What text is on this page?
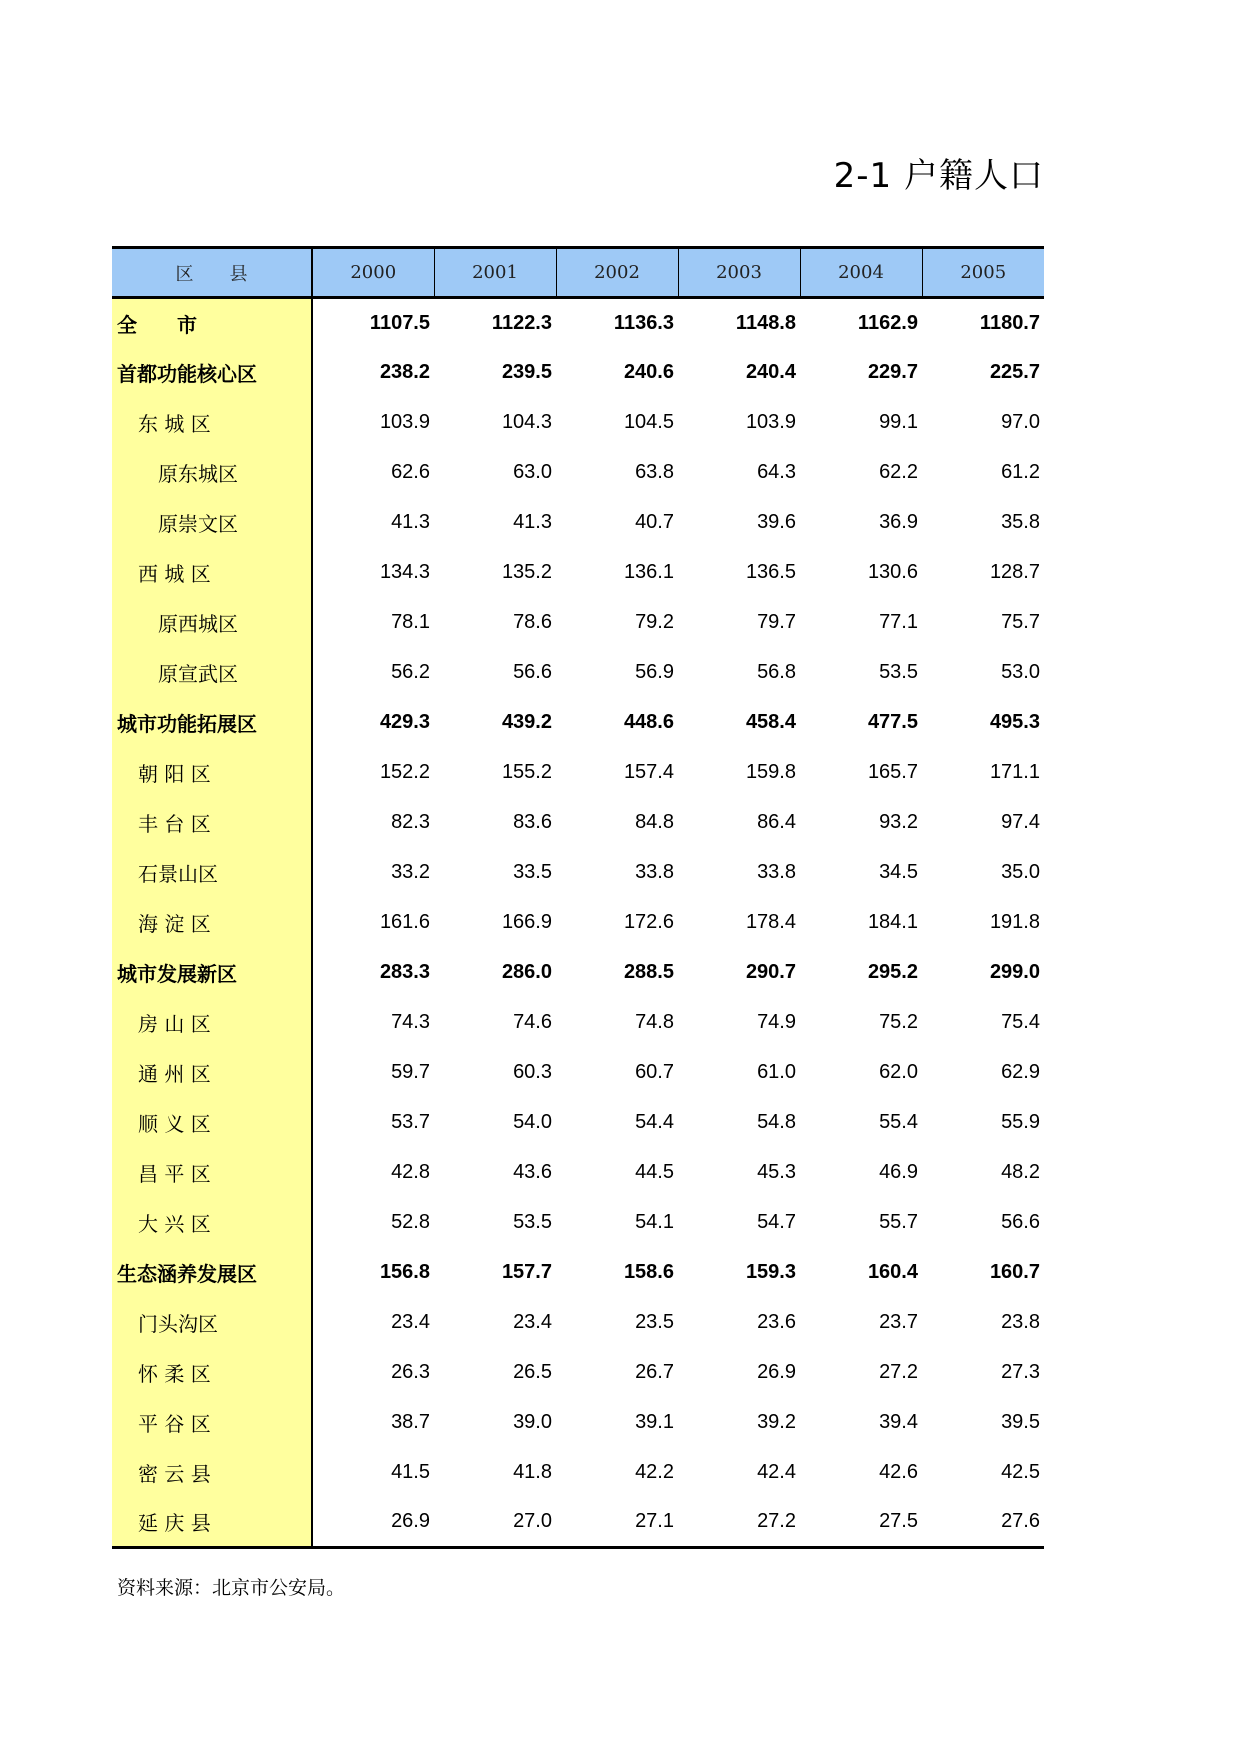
2-1 户籍人口
区　　县	2000	2001	2002	2003	2004	2005
全　　市	1107.5	1122.3	1136.3	1148.8	1162.9	1180.7
首都功能核心区	238.2	239.5	240.6	240.4	229.7	225.7
东 城 区	103.9	104.3	104.5	103.9	99.1	97.0
原东城区	62.6	63.0	63.8	64.3	62.2	61.2
原崇文区	41.3	41.3	40.7	39.6	36.9	35.8
西 城 区	134.3	135.2	136.1	136.5	130.6	128.7
原西城区	78.1	78.6	79.2	79.7	77.1	75.7
原宣武区	56.2	56.6	56.9	56.8	53.5	53.0
城市功能拓展区	429.3	439.2	448.6	458.4	477.5	495.3
朝 阳 区	152.2	155.2	157.4	159.8	165.7	171.1
丰 台 区	82.3	83.6	84.8	86.4	93.2	97.4
石景山区	33.2	33.5	33.8	33.8	34.5	35.0
海 淀 区	161.6	166.9	172.6	178.4	184.1	191.8
城市发展新区	283.3	286.0	288.5	290.7	295.2	299.0
房 山 区	74.3	74.6	74.8	74.9	75.2	75.4
通 州 区	59.7	60.3	60.7	61.0	62.0	62.9
顺 义 区	53.7	54.0	54.4	54.8	55.4	55.9
昌 平 区	42.8	43.6	44.5	45.3	46.9	48.2
大 兴 区	52.8	53.5	54.1	54.7	55.7	56.6
生态涵养发展区	156.8	157.7	158.6	159.3	160.4	160.7
门头沟区	23.4	23.4	23.5	23.6	23.7	23.8
怀 柔 区	26.3	26.5	26.7	26.9	27.2	27.3
平 谷 区	38.7	39.0	39.1	39.2	39.4	39.5
密 云 县	41.5	41.8	42.2	42.4	42.6	42.5
延 庆 县	26.9	27.0	27.1	27.2	27.5	27.6
资料来源：北京市公安局。
